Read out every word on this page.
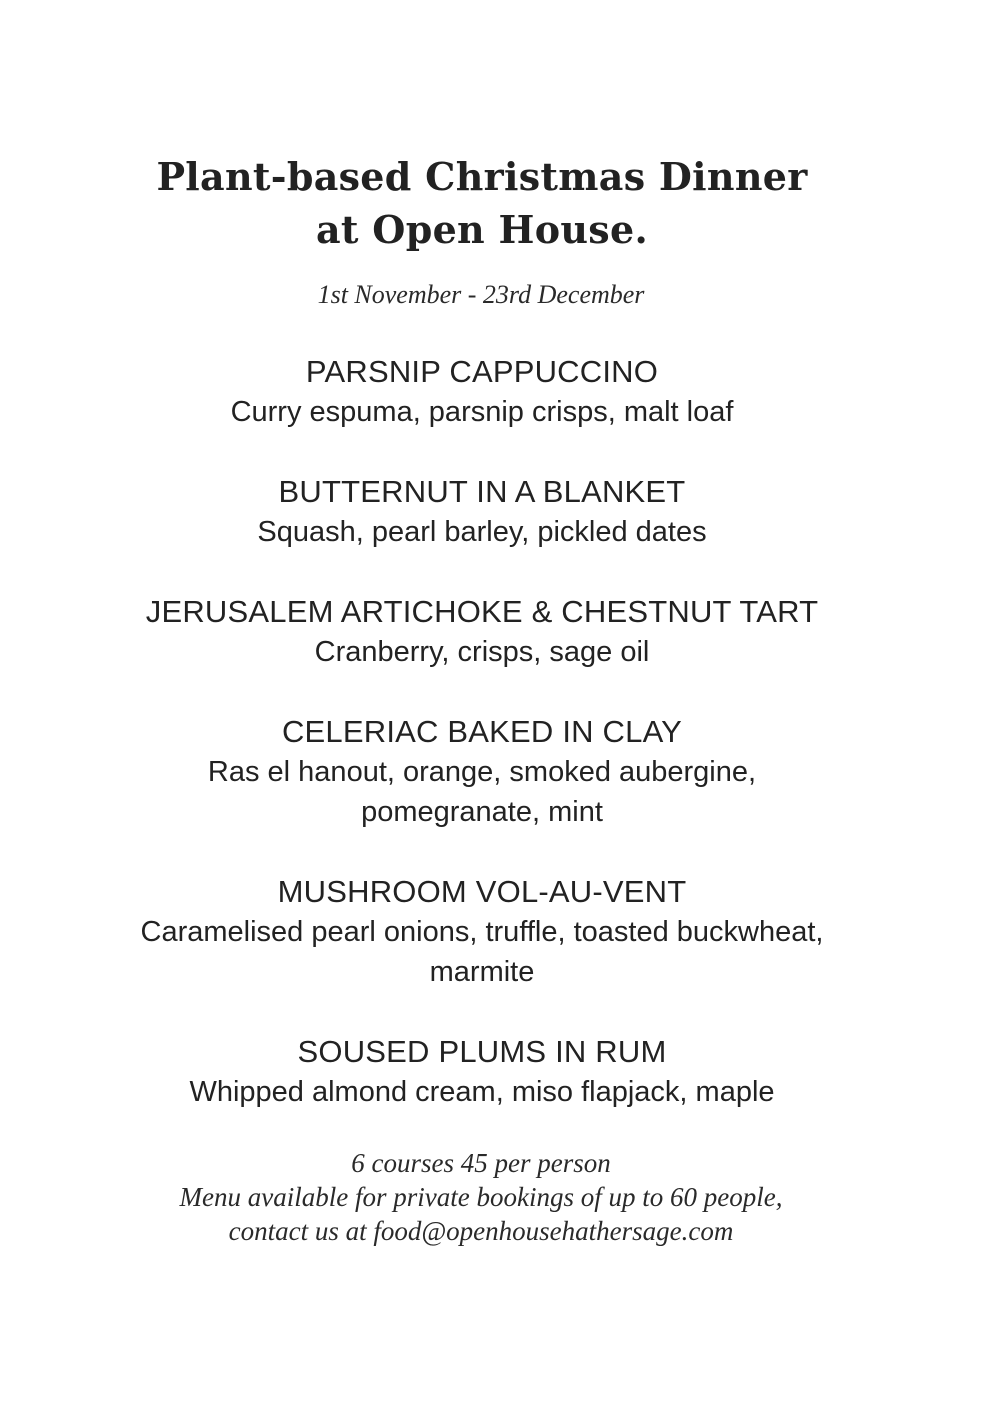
Plant-based Christmas Dinner
at Open House.
1st November - 23rd December
PARSNIP CAPPUCCINO
Curry espuma, parsnip crisps, malt loaf
BUTTERNUT IN A BLANKET
Squash, pearl barley, pickled dates
JERUSALEM ARTICHOKE & CHESTNUT TART
Cranberry, crisps, sage oil
CELERIAC BAKED IN CLAY
Ras el hanout, orange, smoked aubergine,
pomegranate, mint
MUSHROOM VOL-AU-VENT
Caramelised pearl onions, truffle, toasted buckwheat,
marmite
SOUSED PLUMS IN RUM
Whipped almond cream, miso flapjack, maple
6 courses 45 per person
Menu available for private bookings of up to 60 people,
contact us at food@openhousehathersage.com
